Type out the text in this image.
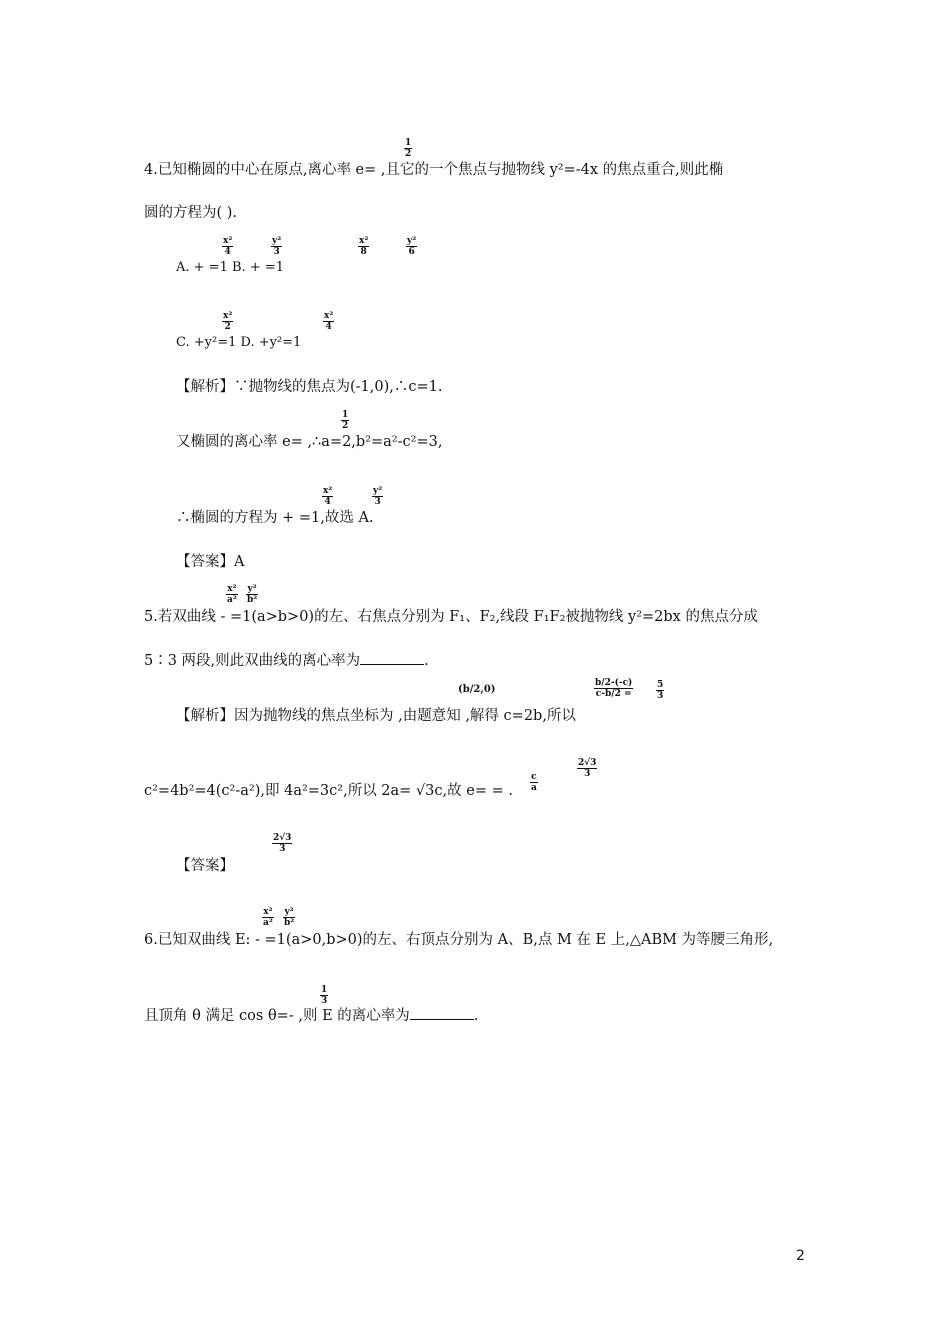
$\frac{1}{2}$
4.已知椭圆的中心在原点,离心率 e= ,且它的一个焦点与抛物线 y²=-4x 的焦点重合,则此椭
圆的方程为( ).
$\frac{\text{x²}}{4}$	$\frac{\text{y²}}{3}$	$\frac{\text{x²}}{8}$	$\frac{\text{y²}}{6}$
A. + =1 B. + =1
$\frac{\text{x²}}{2}$	$\frac{\text{x²}}{4}$
C. +y²=1 D. +y²=1
【解析】∵抛物线的焦点为(-1,0),∴c=1.
$\frac{1}{2}$
又椭圆的离心率 e= ,∴a=2,b²=a²-c²=3,
$\frac{\text{x²}}{4}$	$\frac{\text{y²}}{3}$
∴椭圆的方程为 + =1,故选 A.
【答案】A
$\frac{\text{x²}}{\text{a²}} \frac{\text{y²}}{\text{b²}}$
5.若双曲线 - =1(a>b>0)的左、右焦点分别为 F₁、F₂,线段 F₁F₂被抛物线 y²=2bx 的焦点分成
5∶3 两段,则此双曲线的离心率为	.
(b/2,0)	$\frac{b/2-(-c)}{c-b/2 =}$	$\frac{5}{3}$
【解析】因为抛物线的焦点坐标为 ,由题意知 ,解得 c=2b,所以
$\frac{c}{a}$
$\frac{2√3}{3}$
c²=4b²=4(c²-a²),即 4a²=3c²,所以 2a= √3c,故 e= = .
$\frac{2√3}{3}$
【答案】
$\frac{\text{x²}}{\text{a²}} \frac{\text{y²}}{\text{b²}}$
6.已知双曲线 E: - =1(a>0,b>0)的左、右顶点分别为 A、B,点 M 在 E 上,△ABM 为等腰三角形,
$\frac{1}{3}$
且顶角 θ 满足 cos θ=- ,则 E 的离心率为	.
2
